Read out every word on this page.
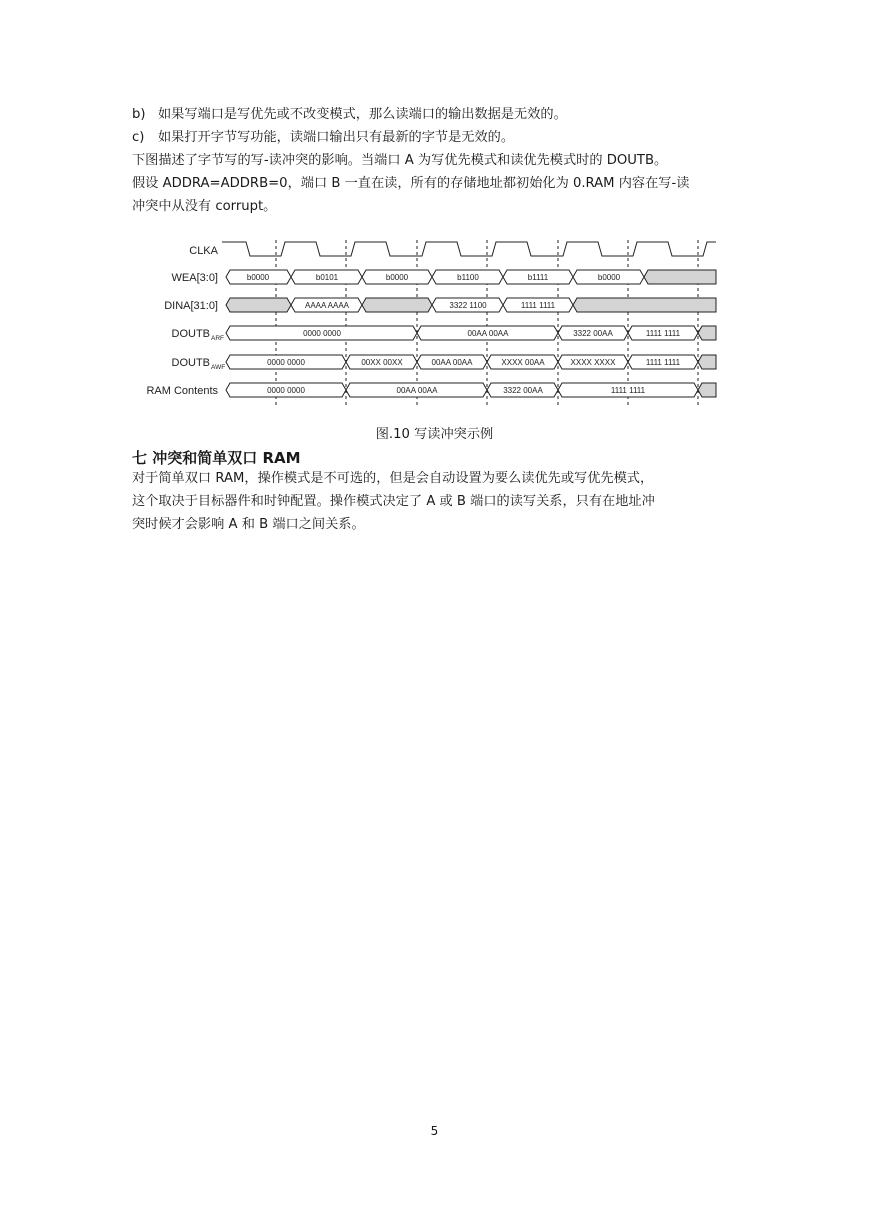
b) 如果写端口是写优先或不改变模式，那么读端口的输出数据是无效的。
c) 如果打开字节写功能，读端口输出只有最新的字节是无效的。
下图描述了字节写的写-读冲突的影响。当端口 A 为写优先模式和读优先模式时的 DOUTB。
假设 ADDRA=ADDRB=0，端口 B 一直在读，所有的存储地址都初始化为 0.RAM 内容在写-读
冲突中从没有 corrupt。
CLKA
WEA[3:0]
DINA[31:0]
DOUTB ARF
DOUTB AWF
RAM Contents
b0000	b0101	b0000	b1100	b1111	b0000
AAAA AAAA	3322 1100	1111 1111
0000 0000	00AA 00AA	3322 00AA	1111 1111
0000 0000	00XX 00XX	00AA 00AA	XXXX 00AA	XXXX XXXX	1111 1111
0000 0000	00AA 00AA	3322 00AA	1111 1111
图.10 写读冲突示例
七 冲突和简单双口 RAM
对于简单双口 RAM，操作模式是不可选的，但是会自动设置为要么读优先或写优先模式，
这个取决于目标器件和时钟配置。操作模式决定了 A 或 B 端口的读写关系，只有在地址冲
突时候才会影响 A 和 B 端口之间关系。
5
